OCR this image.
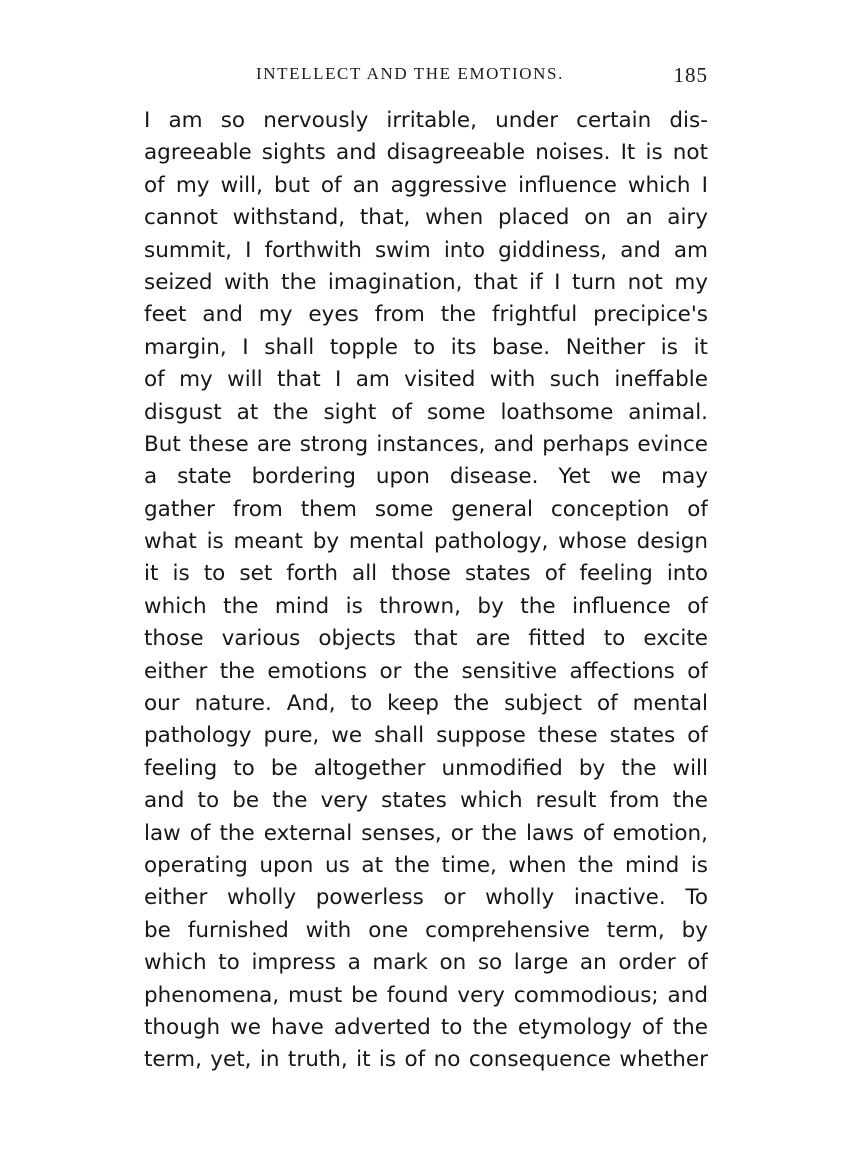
INTELLECT AND THE EMOTIONS.	185
I am so nervously irritable, under certain dis-
agreeable sights and disagreeable noises. It is not
of my will, but of an aggressive influence which I
cannot withstand, that, when placed on an airy
summit, I forthwith swim into giddiness, and am
seized with the imagination, that if I turn not my
feet and my eyes from the frightful precipice's
margin, I shall topple to its base. Neither is it
of my will that I am visited with such ineffable
disgust at the sight of some loathsome animal.
But these are strong instances, and perhaps evince
a state bordering upon disease. Yet we may
gather from them some general conception of
what is meant by mental pathology, whose design
it is to set forth all those states of feeling into
which the mind is thrown, by the influence of
those various objects that are fitted to excite
either the emotions or the sensitive affections of
our nature. And, to keep the subject of mental
pathology pure, we shall suppose these states of
feeling to be altogether unmodified by the will
and to be the very states which result from the
law of the external senses, or the laws of emotion,
operating upon us at the time, when the mind is
either wholly powerless or wholly inactive. To
be furnished with one comprehensive term, by
which to impress a mark on so large an order of
phenomena, must be found very commodious; and
though we have adverted to the etymology of the
term, yet, in truth, it is of no consequence whether
